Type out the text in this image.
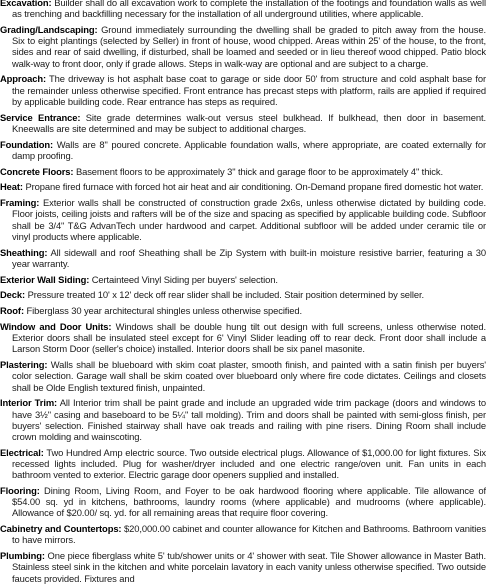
Excavation: Builder shall do all excavation work to complete the installation of the footings and foundation walls as well as trenching and backfilling necessary for the installation of all underground utilities, where applicable.

Grading/Landscaping: Ground immediately surrounding the dwelling shall be graded to pitch away from the house. Six to eight plantings (selected by Seller) in front of house, wood chipped. Areas within 25' of the house, to the front, sides and rear of said dwelling, if disturbed, shall be loamed and seeded or in lieu thereof wood chipped. Patio block walk-way to front door, only if grade allows. Steps in walk-way are optional and are subject to a charge.

Approach: The driveway is hot asphalt base coat to garage or side door 50' from structure and cold asphalt base for the remainder unless otherwise specified. Front entrance has precast steps with platform, rails are applied if required by applicable building code. Rear entrance has steps as required.

Service Entrance: Site grade determines walk-out versus steel bulkhead. If bulkhead, then door in basement. Kneewalls are site determined and may be subject to additional charges.

Foundation: Walls are 8" poured concrete. Applicable foundation walls, where appropriate, are coated externally for damp proofing.

Concrete Floors: Basement floors to be approximately 3" thick and garage floor to be approximately 4" thick.

Heat: Propane fired furnace with forced hot air heat and air conditioning. On-Demand propane fired domestic hot water.

Framing: Exterior walls shall be constructed of construction grade 2x6s, unless otherwise dictated by building code. Floor joists, ceiling joists and rafters will be of the size and spacing as specified by applicable building code. Subfloor shall be 3/4" T&G AdvanTech under hardwood and carpet. Additional subfloor will be added under ceramic tile or vinyl products where applicable.

Sheathing: All sidewall and roof Sheathing shall be Zip System with built-in moisture resistive barrier, featuring a 30 year warranty.

Exterior Wall Siding: Certainteed Vinyl Siding per buyers' selection.

Deck: Pressure treated 10' x 12' deck off rear slider shall be included. Stair position determined by seller.

Roof: Fiberglass 30 year architectural shingles unless otherwise specified.

Window and Door Units: Windows shall be double hung tilt out design with full screens, unless otherwise noted. Exterior doors shall be insulated steel except for 6' Vinyl Slider leading off to rear deck. Front door shall include a Larson Storm Door (seller's choice) installed. Interior doors shall be six panel masonite.

Plastering: Walls shall be blueboard with skim coat plaster, smooth finish, and painted with a satin finish per buyers' color selection. Garage wall shall be skim coated over blueboard only where fire code dictates. Ceilings and closets shall be Olde English textured finish, unpainted.

Interior Trim: All Interior trim shall be paint grade and include an upgraded wide trim package (doors and windows to have 3½" casing and baseboard to be 5¼" tall molding). Trim and doors shall be painted with semi-gloss finish, per buyers' selection. Finished stairway shall have oak treads and railing with pine risers. Dining Room shall include crown molding and wainscoting.

Electrical: Two Hundred Amp electric source. Two outside electrical plugs. Allowance of $1,000.00 for light fixtures. Six recessed lights included. Plug for washer/dryer included and one electric range/oven unit. Fan units in each bathroom vented to exterior. Electric garage door openers supplied and installed.

Flooring: Dining Room, Living Room, and Foyer to be oak hardwood flooring where applicable. Tile allowance of $54.00 sq. yd in kitchens, bathrooms, laundry rooms (where applicable) and mudrooms (where applicable). Allowance of $20.00/ sq. yd. for all remaining areas that require floor covering.

Cabinetry and Countertops: $20,000.00 cabinet and counter allowance for Kitchen and Bathrooms. Bathroom vanities to have mirrors.

Plumbing: One piece fiberglass white 5' tub/shower units or 4' shower with seat. Tile Shower allowance in Master Bath. Stainless steel sink in the kitchen and white porcelain lavatory in each vanity unless otherwise specified. Two outside faucets provided. Fixtures and
